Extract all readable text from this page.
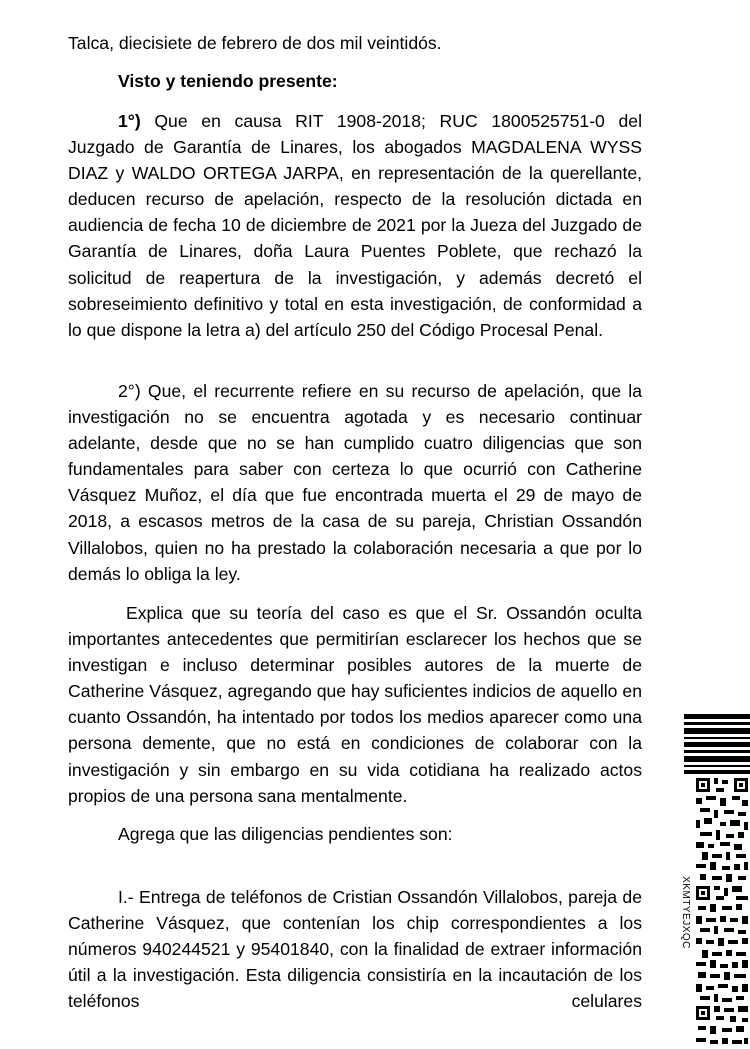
Talca, diecisiete de febrero de dos mil veintidós.

Visto y teniendo presente:

1°) Que en causa RIT 1908-2018; RUC 1800525751-0 del Juzgado de Garantía de Linares, los abogados MAGDALENA WYSS DIAZ y WALDO ORTEGA JARPA, en representación de la querellante, deducen recurso de apelación, respecto de la resolución dictada en audiencia de fecha 10 de diciembre de 2021 por la Jueza del Juzgado de Garantía de Linares, doña Laura Puentes Poblete, que rechazó la solicitud de reapertura de la investigación, y además decretó el sobreseimiento definitivo y total en esta investigación, de conformidad a lo que dispone la letra a) del artículo 250 del Código Procesal Penal.

2°) Que, el recurrente refiere en su recurso de apelación, que la investigación no se encuentra agotada y es necesario continuar adelante, desde que no se han cumplido cuatro diligencias que son fundamentales para saber con certeza lo que ocurrió con Catherine Vásquez Muñoz, el día que fue encontrada muerta el 29 de mayo de 2018, a escasos metros de la casa de su pareja, Christian Ossandón Villalobos, quien no ha prestado la colaboración necesaria a que por lo demás lo obliga la ley.

Explica que su teoría del caso es que el Sr. Ossandón oculta importantes antecedentes que permitirían esclarecer los hechos que se investigan e incluso determinar posibles autores de la muerte de Catherine Vásquez, agregando que hay suficientes indicios de aquello en cuanto Ossandón, ha intentado por todos los medios aparecer como una persona demente, que no está en condiciones de colaborar con la investigación y sin embargo en su vida cotidiana ha realizado actos propios de una persona sana mentalmente.

Agrega que las diligencias pendientes son:

I.- Entrega de teléfonos de Cristian Ossandón Villalobos, pareja de Catherine Vásquez, que contenían los chip correspondientes a los números 940244521 y 95401840, con la finalidad de extraer información útil a la investigación. Esta diligencia consistiría en la incautación de los teléfonos celulares

XKMTYEJXQC
